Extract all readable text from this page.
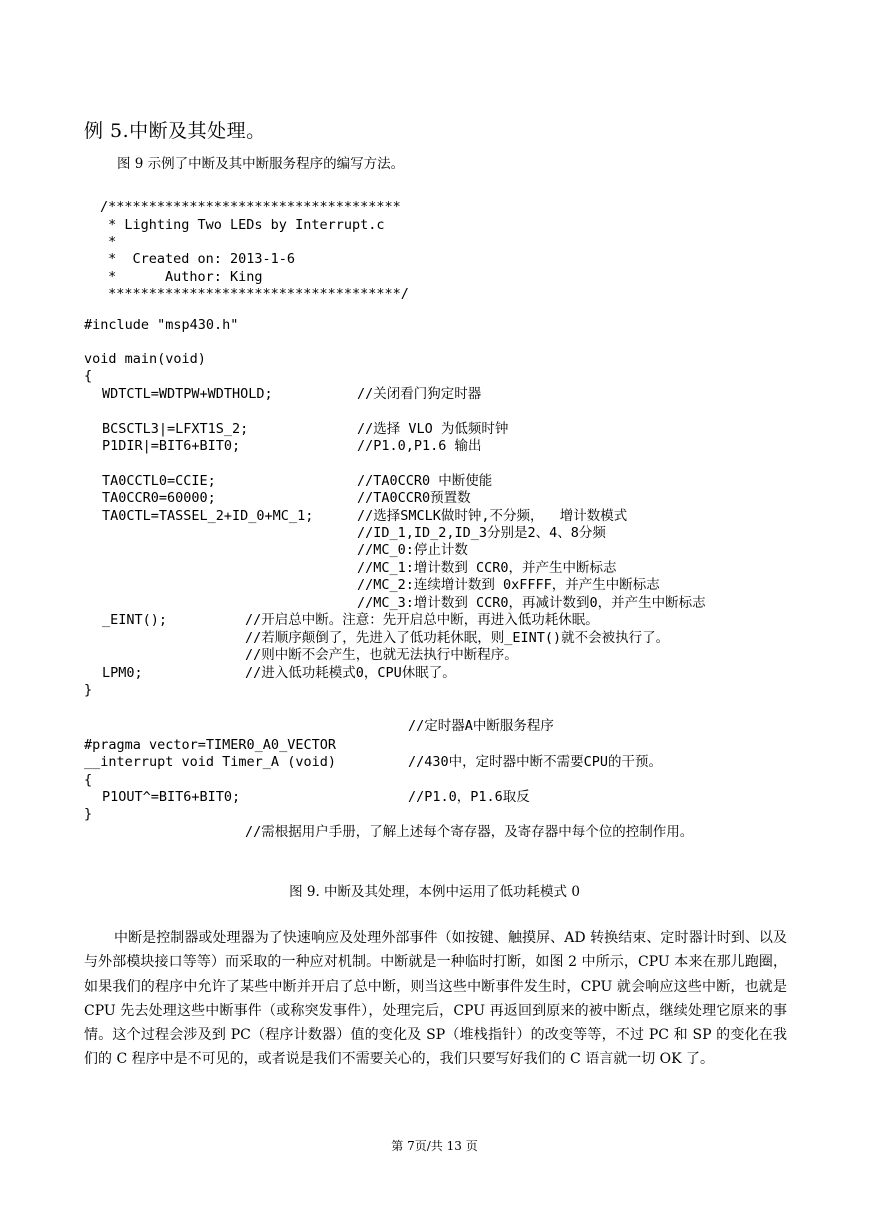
例 5.中断及其处理。
图 9 示例了中断及其中断服务程序的编写方法。

/************************************

* Lighting Two LEDs by Interrupt.c

*

*  Created on: 2013-1-6

*      Author: King

************************************/

#include "msp430.h"

void main(void)

{

WDTCTL=WDTPW+WDTHOLD;

	//关闭看门狗定时器

BCSCTL3|=LFXT1S_2;

	//选择 VLO 为低频时钟

P1DIR|=BIT6+BIT0;

	//P1.0,P1.6 输出

TA0CCTL0=CCIE;

	//TA0CCR0 中断使能

TA0CCR0=60000;

	//TA0CCR0预置数

TA0CTL=TASSEL_2+ID_0+MC_1;

	//选择SMCLK做时钟,不分频，  增计数模式

//ID_1,ID_2,ID_3分别是2、4、8分频

//MC_0:停止计数

//MC_1:增计数到 CCR0，并产生中断标志

//MC_2:连续增计数到 0xFFFF，并产生中断标志

//MC_3:增计数到 CCR0，再减计数到0，并产生中断标志

_EINT();

	//开启总中断。注意：先开启总中断，再进入低功耗休眠。

//若顺序颠倒了，先进入了低功耗休眠，则_EINT()就不会被执行了。

//则中断不会产生，也就无法执行中断程序。

LPM0;

	//进入低功耗模式0，CPU休眠了。

}

//定时器A中断服务程序

#pragma vector=TIMER0_A0_VECTOR

__interrupt void Timer_A (void)

	//430中，定时器中断不需要CPU的干预。

{

P1OUT^=BIT6+BIT0;

	//P1.0，P1.6取反

}

//需根据用户手册，了解上述每个寄存器，及寄存器中每个位的控制作用。

图 9. 中断及其处理，本例中运用了低功耗模式 0
中断是控制器或处理器为了快速响应及处理外部事件（如按键、触摸屏、AD 转换结束、定时器计时到、以及与外部模块接口等等）而采取的一种应对机制。中断就是一种临时打断，如图 2 中所示，CPU 本来在那儿跑圈，如果我们的程序中允许了某些中断并开启了总中断，则当这些中断事件发生时，CPU 就会响应这些中断，也就是 CPU 先去处理这些中断事件（或称突发事件），处理完后，CPU 再返回到原来的被中断点，继续处理它原来的事情。这个过程会涉及到 PC（程序计数器）值的变化及 SP（堆栈指针）的改变等等，不过 PC 和 SP 的变化在我们的 C 程序中是不可见的，或者说是我们不需要关心的，我们只要写好我们的 C 语言就一切 OK 了。
第 7页/共 13 页
